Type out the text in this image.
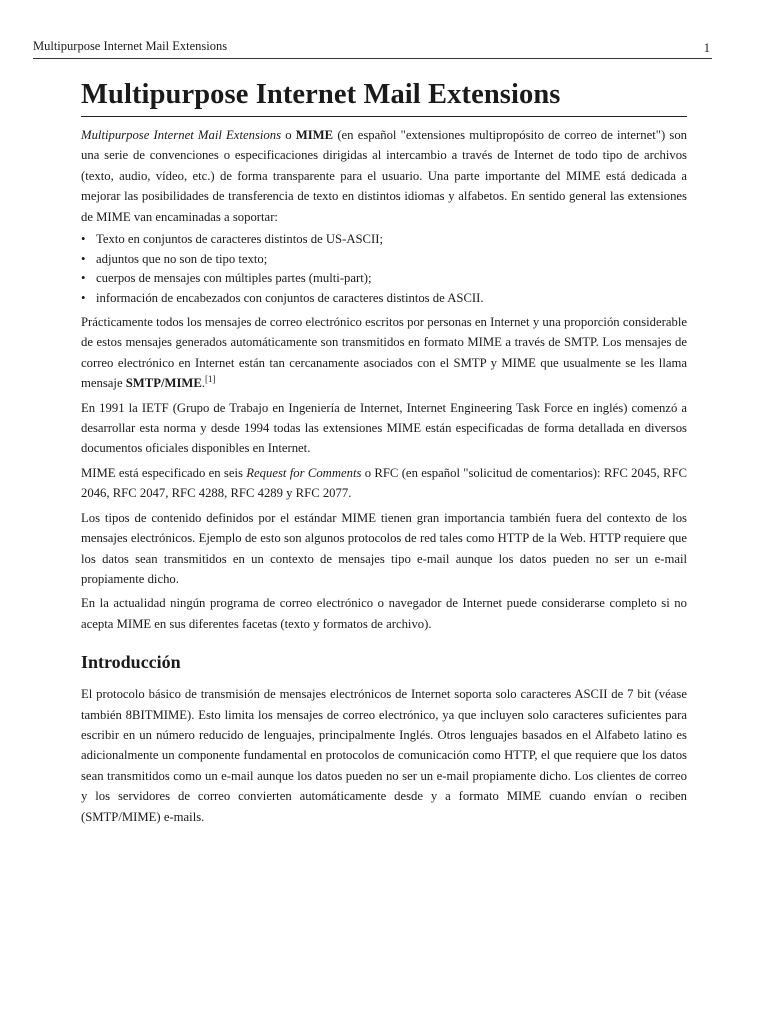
Multipurpose Internet Mail Extensions	1
Multipurpose Internet Mail Extensions

Multipurpose Internet Mail Extensions o MIME (en español "extensiones multipropósito de correo de internet") son una serie de convenciones o especificaciones dirigidas al intercambio a través de Internet de todo tipo de archivos (texto, audio, vídeo, etc.) de forma transparente para el usuario. Una parte importante del MIME está dedicada a mejorar las posibilidades de transferencia de texto en distintos idiomas y alfabetos. En sentido general las extensiones de MIME van encaminadas a soportar:

• Texto en conjuntos de caracteres distintos de US-ASCII;
• adjuntos que no son de tipo texto;
• cuerpos de mensajes con múltiples partes (multi-part);
• información de encabezados con conjuntos de caracteres distintos de ASCII.

Prácticamente todos los mensajes de correo electrónico escritos por personas en Internet y una proporción considerable de estos mensajes generados automáticamente son transmitidos en formato MIME a través de SMTP. Los mensajes de correo electrónico en Internet están tan cercanamente asociados con el SMTP y MIME que usualmente se les llama mensaje SMTP/MIME.[1]

En 1991 la IETF (Grupo de Trabajo en Ingeniería de Internet, Internet Engineering Task Force en inglés) comenzó a desarrollar esta norma y desde 1994 todas las extensiones MIME están especificadas de forma detallada en diversos documentos oficiales disponibles en Internet.

MIME está especificado en seis Request for Comments o RFC (en español "solicitud de comentarios): RFC 2045, RFC 2046, RFC 2047, RFC 4288, RFC 4289 y RFC 2077.

Los tipos de contenido definidos por el estándar MIME tienen gran importancia también fuera del contexto de los mensajes electrónicos. Ejemplo de esto son algunos protocolos de red tales como HTTP de la Web. HTTP requiere que los datos sean transmitidos en un contexto de mensajes tipo e-mail aunque los datos pueden no ser un e-mail propiamente dicho.

En la actualidad ningún programa de correo electrónico o navegador de Internet puede considerarse completo si no acepta MIME en sus diferentes facetas (texto y formatos de archivo).

Introducción

El protocolo básico de transmisión de mensajes electrónicos de Internet soporta solo caracteres ASCII de 7 bit (véase también 8BITMIME). Esto limita los mensajes de correo electrónico, ya que incluyen solo caracteres suficientes para escribir en un número reducido de lenguajes, principalmente Inglés. Otros lenguajes basados en el Alfabeto latino es adicionalmente un componente fundamental en protocolos de comunicación como HTTP, el que requiere que los datos sean transmitidos como un e-mail aunque los datos pueden no ser un e-mail propiamente dicho. Los clientes de correo y los servidores de correo convierten automáticamente desde y a formato MIME cuando envían o reciben (SMTP/MIME) e-mails.
